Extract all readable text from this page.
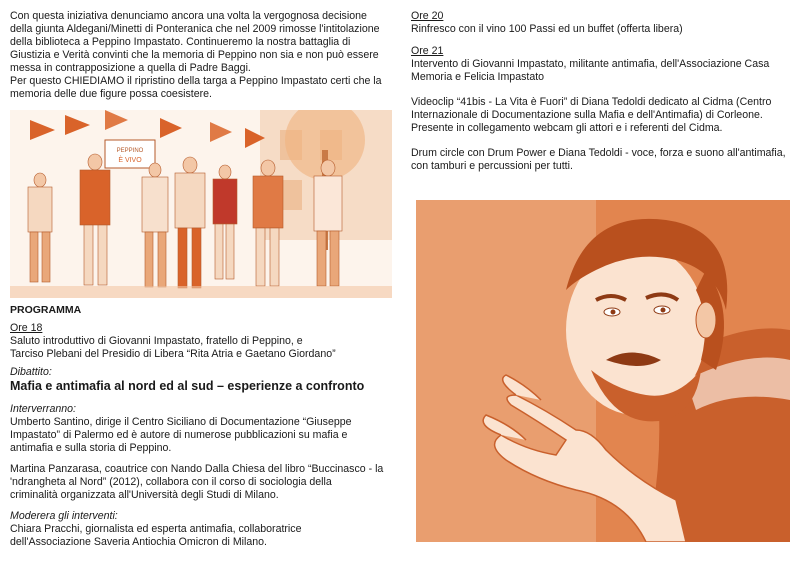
Con questa iniziativa denunciamo ancora una volta la vergognosa decisione

della giunta Aldegani/Minetti di Ponteranica che nel 2009 rimosse l'intitolazione

della biblioteca a Peppino Impastato. Continueremo la nostra battaglia di

Giustizia e Verità convinti che la memoria di Peppino non sia e non può essere

messa in contrapposizione a quella di Padre Baggi.

Per questo CHIEDIAMO il ripristino della targa a Peppino Impastato certi che la

memoria delle due figure possa coesistere.

PEPPINO
È VIVO
PROGRAMMA

Ore 18

Saluto introduttivo di Giovanni Impastato, fratello di Peppino, e

Tarciso Plebani del Presidio di Libera “Rita Atria e Gaetano Giordano”

Dibattito:

Mafia e antimafia al nord ed al sud – esperienze a confronto

Interverranno:

Umberto Santino, dirige il Centro Siciliano di Documentazione “Giuseppe

Impastato” di Palermo ed è autore di numerose pubblicazioni su mafia e

antimafia e sulla storia di Peppino.

Martina Panzarasa, coautrice con Nando Dalla Chiesa del libro “Buccinasco - la

'ndrangheta al Nord” (2012), collabora con il corso di sociologia della

criminalità organizzata all'Università degli Studi di Milano.

Moderera gli interventi:

Chiara Pracchi, giornalista ed esperta antimafia, collaboratrice

dell'Associazione Saveria Antiochia Omicron di Milano.

Ore 20

Rinfresco con il vino 100 Passi ed un buffet (offerta libera)

Ore 21

Intervento di Giovanni Impastato, militante antimafia, dell'Associazione Casa

Memoria e Felicia Impastato

Videoclip “41bis - La Vita è Fuori” di Diana Tedoldi dedicato al Cidma (Centro

Internazionale di Documentazione sulla Mafia e dell'Antimafia) di Corleone.

Presente in collegamento webcam gli attori e i referenti del Cidma.

Drum circle con Drum Power e Diana Tedoldi - voce, forza e suono all'antimafia,

con tamburi e percussioni per tutti.
